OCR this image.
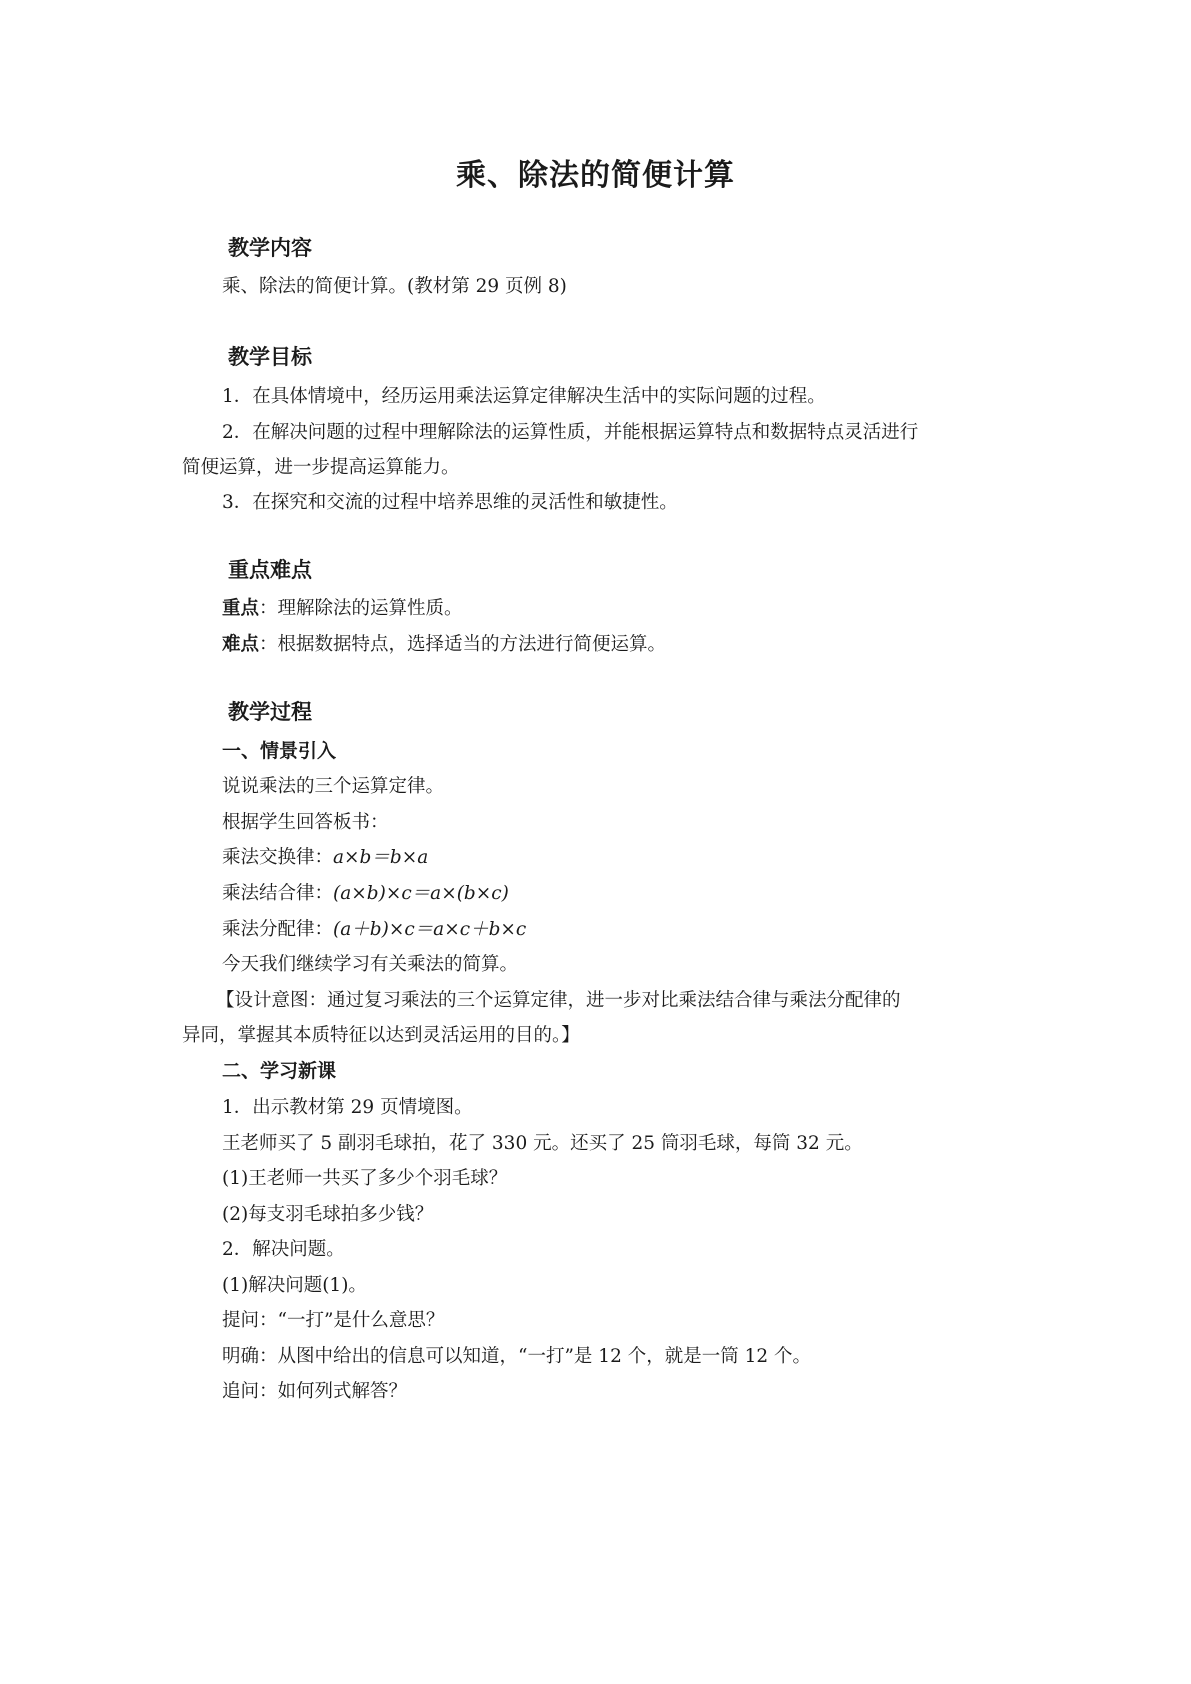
乘、除法的简便计算
教学内容
乘、除法的简便计算。(教材第 29 页例 8)
教学目标
1．在具体情境中，经历运用乘法运算定律解决生活中的实际问题的过程。
2．在解决问题的过程中理解除法的运算性质，并能根据运算特点和数据特点灵活进行
简便运算，进一步提高运算能力。
3．在探究和交流的过程中培养思维的灵活性和敏捷性。
重点难点
重点：理解除法的运算性质。
难点：根据数据特点，选择适当的方法进行简便运算。
教学过程
一、情景引入
说说乘法的三个运算定律。
根据学生回答板书：
乘法交换律：a×b＝b×a
乘法结合律：(a×b)×c＝a×(b×c)
乘法分配律：(a＋b)×c＝a×c＋b×c
今天我们继续学习有关乘法的简算。
【设计意图：通过复习乘法的三个运算定律，进一步对比乘法结合律与乘法分配律的
异同，掌握其本质特征以达到灵活运用的目的。】
二、学习新课
1．出示教材第 29 页情境图。
王老师买了 5 副羽毛球拍，花了 330 元。还买了 25 筒羽毛球，每筒 32 元。
(1)王老师一共买了多少个羽毛球？
(2)每支羽毛球拍多少钱？
2．解决问题。
(1)解决问题(1)。
提问：“一打”是什么意思？
明确：从图中给出的信息可以知道，“一打”是 12 个，就是一筒 12 个。
追问：如何列式解答？
